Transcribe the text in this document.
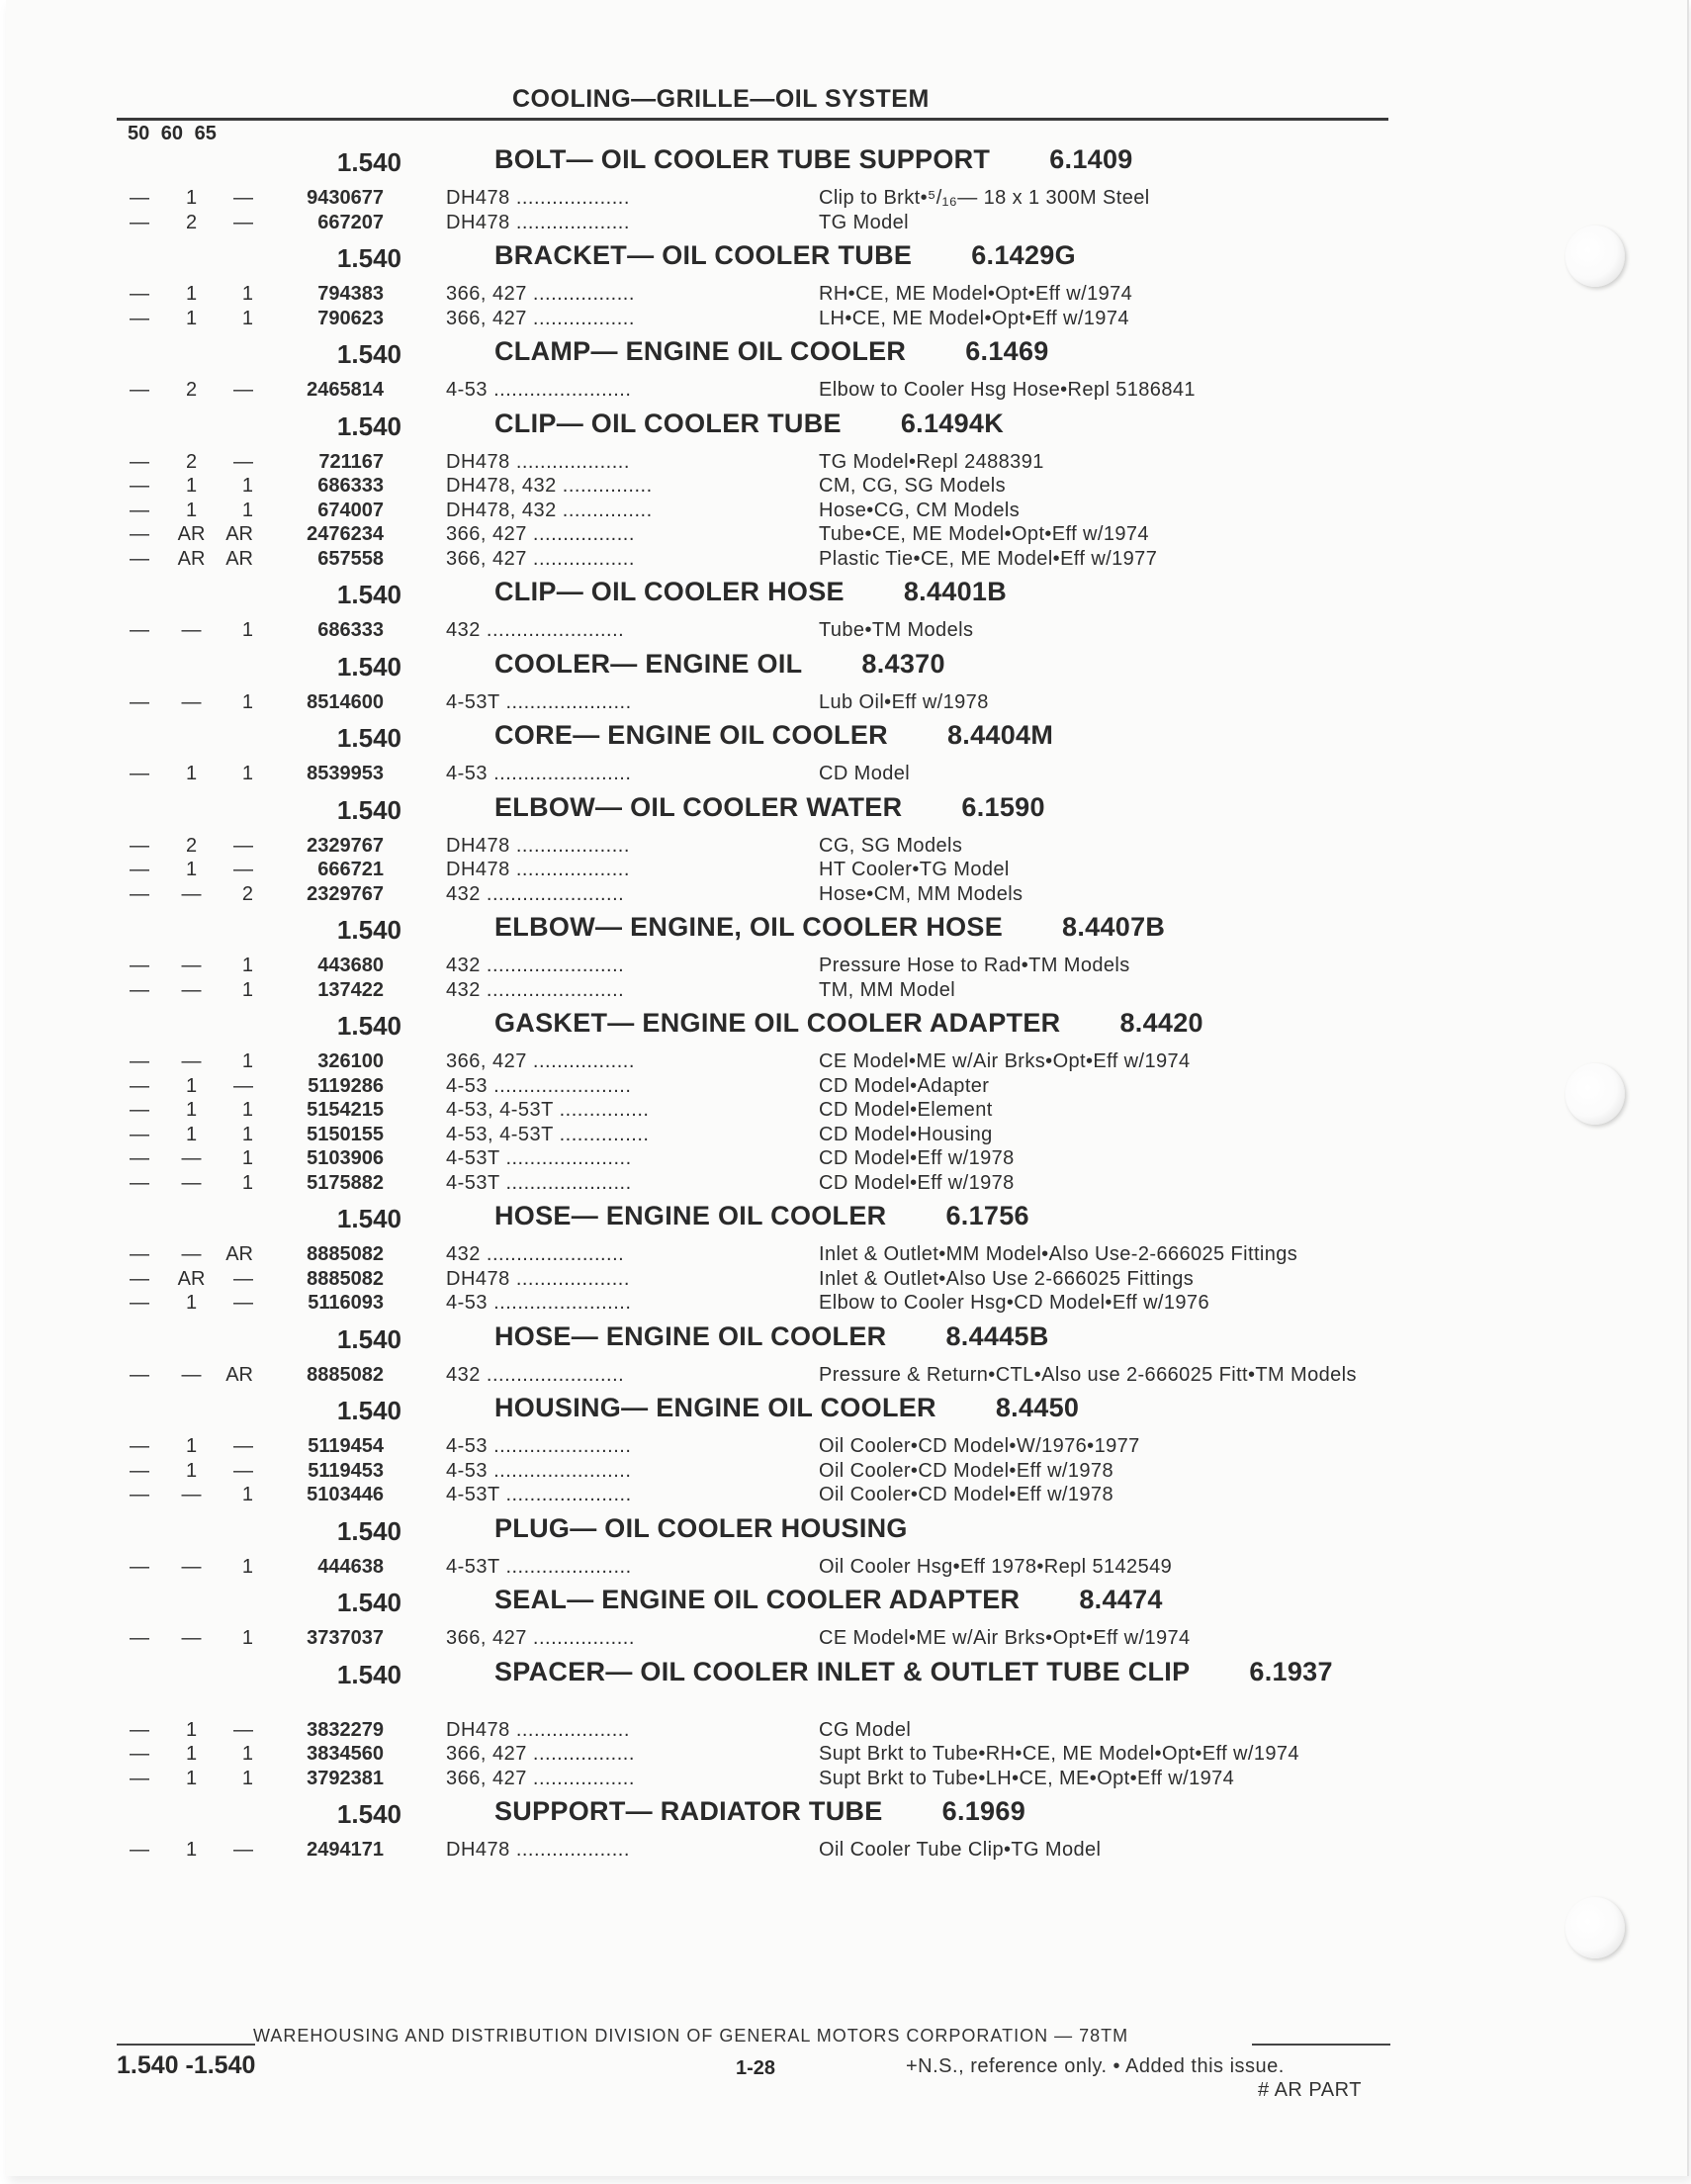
COOLING—GRILLE—OIL SYSTEM
50 60 65
1.540	BOLT— OIL COOLER TUBE SUPPORT 6.1409
—	1	—	9430677	DH478 ...................	Clip to Brkt•⁵/₁₆— 18 x 1 300M Steel
—	2	—	667207	DH478 ...................	TG Model
1.540	BRACKET— OIL COOLER TUBE 6.1429G
—	1	1	794383	366, 427 .................	RH•CE, ME Model•Opt•Eff w/1974
—	1	1	790623	366, 427 .................	LH•CE, ME Model•Opt•Eff w/1974
1.540	CLAMP— ENGINE OIL COOLER 6.1469
—	2	—	2465814	4-53 .......................	Elbow to Cooler Hsg Hose•Repl 5186841
1.540	CLIP— OIL COOLER TUBE 6.1494K
—	2	—	721167	DH478 ...................	TG Model•Repl 2488391
—	1	1	686333	DH478, 432 ...............	CM, CG, SG Models
—	1	1	674007	DH478, 432 ...............	Hose•CG, CM Models
—	AR	AR	2476234	366, 427 .................	Tube•CE, ME Model•Opt•Eff w/1974
—	AR	AR	657558	366, 427 .................	Plastic Tie•CE, ME Model•Eff w/1977
1.540	CLIP— OIL COOLER HOSE 8.4401B
—	—	1	686333	432 .......................	Tube•TM Models
1.540	COOLER— ENGINE OIL 8.4370
—	—	1	8514600	4-53T .....................	Lub Oil•Eff w/1978
1.540	CORE— ENGINE OIL COOLER 8.4404M
—	1	1	8539953	4-53 .......................	CD Model
1.540	ELBOW— OIL COOLER WATER 6.1590
—	2	—	2329767	DH478 ...................	CG, SG Models
—	1	—	666721	DH478 ...................	HT Cooler•TG Model
—	—	2	2329767	432 .......................	Hose•CM, MM Models
1.540	ELBOW— ENGINE, OIL COOLER HOSE 8.4407B
—	—	1	443680	432 .......................	Pressure Hose to Rad•TM Models
—	—	1	137422	432 .......................	TM, MM Model
1.540	GASKET— ENGINE OIL COOLER ADAPTER 8.4420
—	—	1	326100	366, 427 .................	CE Model•ME w/Air Brks•Opt•Eff w/1974
—	1	—	5119286	4-53 .......................	CD Model•Adapter
—	1	1	5154215	4-53, 4-53T ...............	CD Model•Element
—	1	1	5150155	4-53, 4-53T ...............	CD Model•Housing
—	—	1	5103906	4-53T .....................	CD Model•Eff w/1978
—	—	1	5175882	4-53T .....................	CD Model•Eff w/1978
1.540	HOSE— ENGINE OIL COOLER 6.1756
—	—	AR	8885082	432 .......................	Inlet & Outlet•MM Model•Also Use-2-666025 Fittings
—	AR	—	8885082	DH478 ...................	Inlet & Outlet•Also Use 2-666025 Fittings
—	1	—	5116093	4-53 .......................	Elbow to Cooler Hsg•CD Model•Eff w/1976
1.540	HOSE— ENGINE OIL COOLER 8.4445B
—	—	AR	8885082	432 .......................	Pressure & Return•CTL•Also use 2-666025 Fitt•TM Models
1.540	HOUSING— ENGINE OIL COOLER 8.4450
—	1	—	5119454	4-53 .......................	Oil Cooler•CD Model•W/1976•1977
—	1	—	5119453	4-53 .......................	Oil Cooler•CD Model•Eff w/1978
—	—	1	5103446	4-53T .....................	Oil Cooler•CD Model•Eff w/1978
1.540	PLUG— OIL COOLER HOUSING
—	—	1	444638	4-53T .....................	Oil Cooler Hsg•Eff 1978•Repl 5142549
1.540	SEAL— ENGINE OIL COOLER ADAPTER 8.4474
—	—	1	3737037	366, 427 .................	CE Model•ME w/Air Brks•Opt•Eff w/1974
1.540	SPACER— OIL COOLER INLET & OUTLET TUBE CLIP 6.1937
—	1	—	3832279	DH478 ...................	CG Model
—	1	1	3834560	366, 427 .................	Supt Brkt to Tube•RH•CE, ME Model•Opt•Eff w/1974
—	1	1	3792381	366, 427 .................	Supt Brkt to Tube•LH•CE, ME•Opt•Eff w/1974
1.540	SUPPORT— RADIATOR TUBE 6.1969
—	1	—	2494171	DH478 ...................	Oil Cooler Tube Clip•TG Model
WAREHOUSING AND DISTRIBUTION DIVISION OF GENERAL MOTORS CORPORATION — 78TM
1.540 -1.540	1-28	+N.S., reference only. • Added this issue.
# AR PART
